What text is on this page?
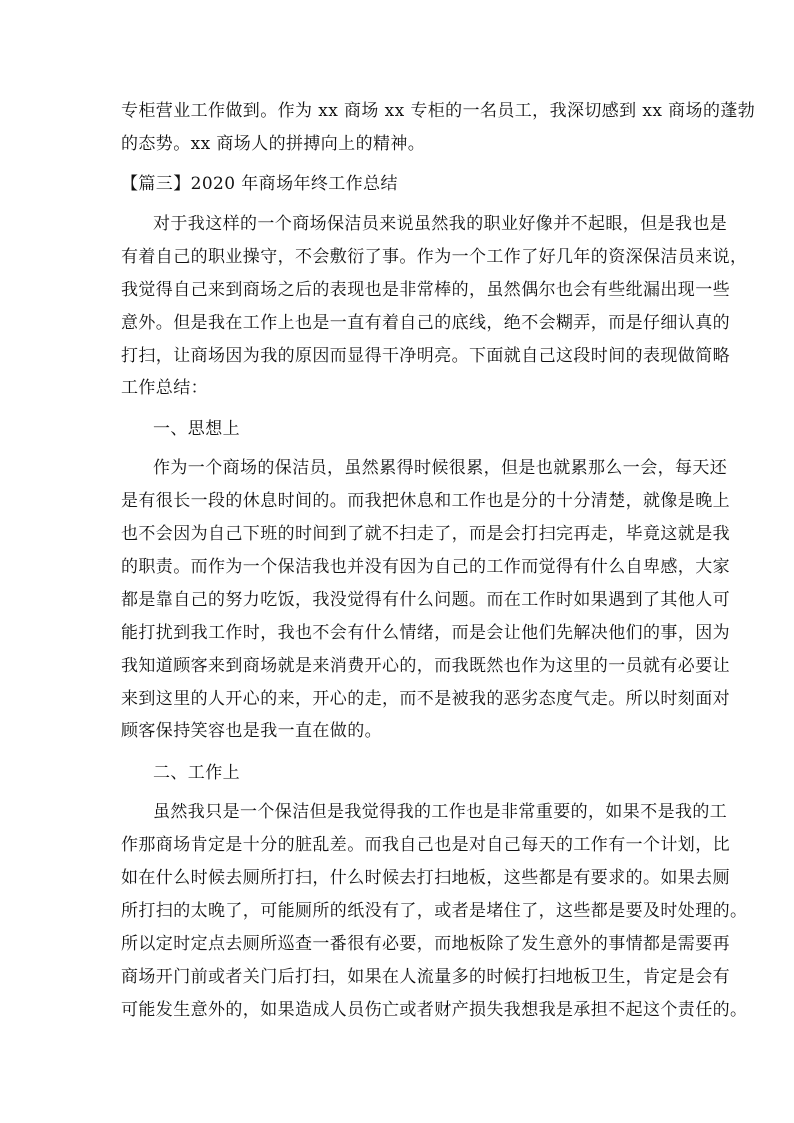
专柜营业工作做到。作为 xx 商场 xx 专柜的一名员工，我深切感到 xx 商场的蓬勃
的态势。xx 商场人的拼搏向上的精神。
【篇三】2020 年商场年终工作总结
对于我这样的一个商场保洁员来说虽然我的职业好像并不起眼，但是我也是
有着自己的职业操守，不会敷衍了事。作为一个工作了好几年的资深保洁员来说，
我觉得自己来到商场之后的表现也是非常棒的，虽然偶尔也会有些纰漏出现一些
意外。但是我在工作上也是一直有着自己的底线，绝不会糊弄，而是仔细认真的
打扫，让商场因为我的原因而显得干净明亮。下面就自己这段时间的表现做简略
工作总结：
一、思想上
作为一个商场的保洁员，虽然累得时候很累，但是也就累那么一会，每天还
是有很长一段的休息时间的。而我把休息和工作也是分的十分清楚，就像是晚上
也不会因为自己下班的时间到了就不扫走了，而是会打扫完再走，毕竟这就是我
的职责。而作为一个保洁我也并没有因为自己的工作而觉得有什么自卑感，大家
都是靠自己的努力吃饭，我没觉得有什么问题。而在工作时如果遇到了其他人可
能打扰到我工作时，我也不会有什么情绪，而是会让他们先解决他们的事，因为
我知道顾客来到商场就是来消费开心的，而我既然也作为这里的一员就有必要让
来到这里的人开心的来，开心的走，而不是被我的恶劣态度气走。所以时刻面对
顾客保持笑容也是我一直在做的。
二、工作上
虽然我只是一个保洁但是我觉得我的工作也是非常重要的，如果不是我的工
作那商场肯定是十分的脏乱差。而我自己也是对自己每天的工作有一个计划，比
如在什么时候去厕所打扫，什么时候去打扫地板，这些都是有要求的。如果去厕
所打扫的太晚了，可能厕所的纸没有了，或者是堵住了，这些都是要及时处理的。
所以定时定点去厕所巡查一番很有必要，而地板除了发生意外的事情都是需要再
商场开门前或者关门后打扫，如果在人流量多的时候打扫地板卫生，肯定是会有
可能发生意外的，如果造成人员伤亡或者财产损失我想我是承担不起这个责任的。
